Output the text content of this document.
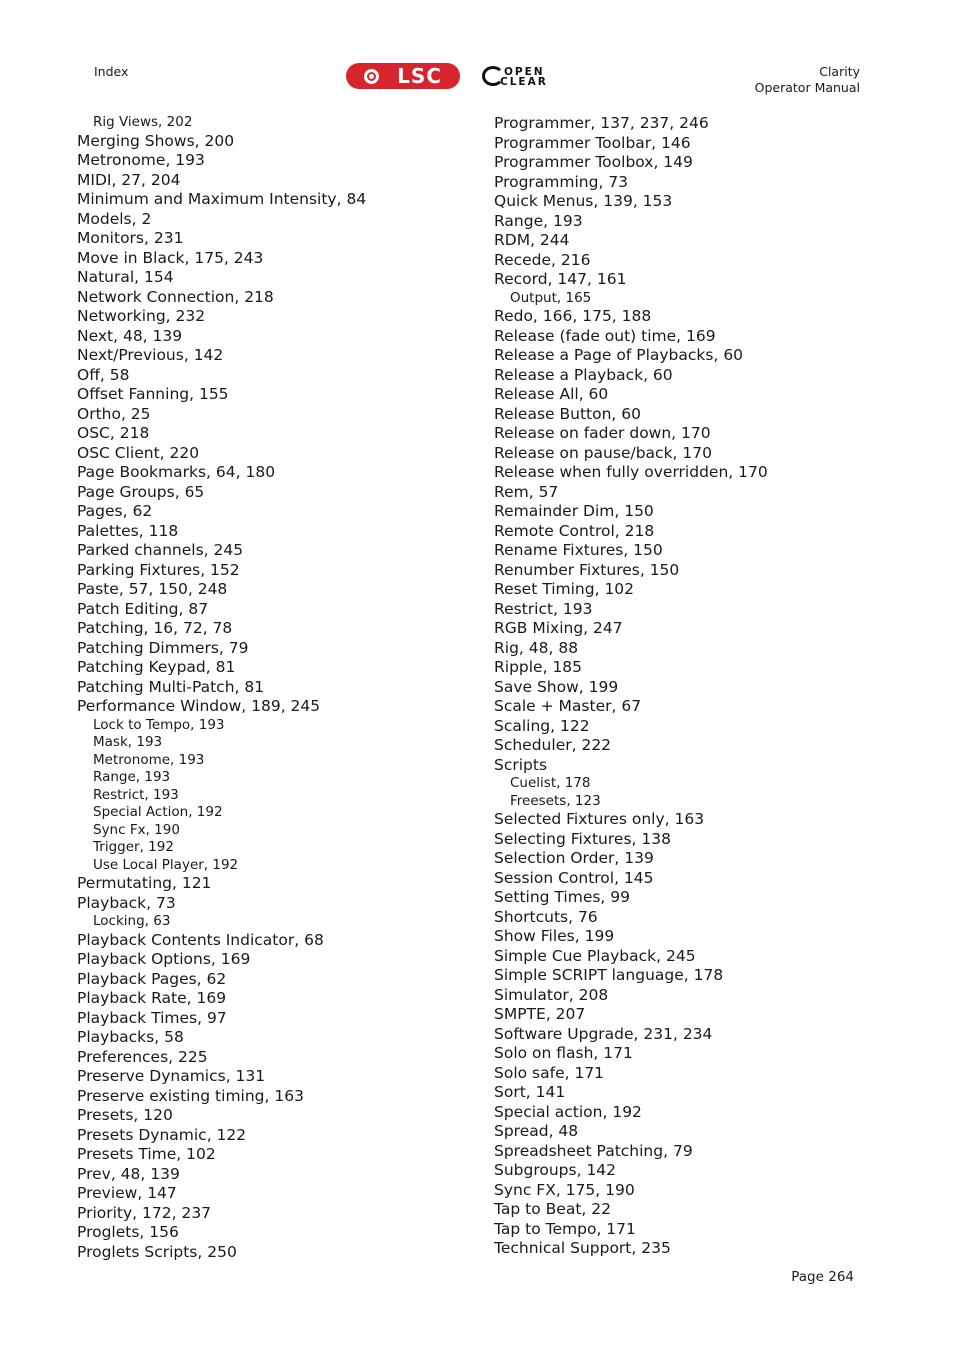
Index	LSC	OPEN
CLEAR
Clarity
Operator Manual
Rig Views, 202
Merging Shows, 200
Metronome, 193
MIDI, 27, 204
Minimum and Maximum Intensity, 84
Models, 2
Monitors, 231
Move in Black, 175, 243
Natural, 154
Network Connection, 218
Networking, 232
Next, 48, 139
Next/Previous, 142
Off, 58
Offset Fanning, 155
Ortho, 25
OSC, 218
OSC Client, 220
Page Bookmarks, 64, 180
Page Groups, 65
Pages, 62
Palettes, 118
Parked channels, 245
Parking Fixtures, 152
Paste, 57, 150, 248
Patch Editing, 87
Patching, 16, 72, 78
Patching Dimmers, 79
Patching Keypad, 81
Patching Multi-Patch, 81
Performance Window, 189, 245
Lock to Tempo, 193
Mask, 193
Metronome, 193
Range, 193
Restrict, 193
Special Action, 192
Sync Fx, 190
Trigger, 192
Use Local Player, 192
Permutating, 121
Playback, 73
Locking, 63
Playback Contents Indicator, 68
Playback Options, 169
Playback Pages, 62
Playback Rate, 169
Playback Times, 97
Playbacks, 58
Preferences, 225
Preserve Dynamics, 131
Preserve existing timing, 163
Presets, 120
Presets Dynamic, 122
Presets Time, 102
Prev, 48, 139
Preview, 147
Priority, 172, 237
Proglets, 156
Proglets Scripts, 250
Programmer, 137, 237, 246
Programmer Toolbar, 146
Programmer Toolbox, 149
Programming, 73
Quick Menus, 139, 153
Range, 193
RDM, 244
Recede, 216
Record, 147, 161
Output, 165
Redo, 166, 175, 188
Release (fade out) time, 169
Release a Page of Playbacks, 60
Release a Playback, 60
Release All, 60
Release Button, 60
Release on fader down, 170
Release on pause/back, 170
Release when fully overridden, 170
Rem, 57
Remainder Dim, 150
Remote Control, 218
Rename Fixtures, 150
Renumber Fixtures, 150
Reset Timing, 102
Restrict, 193
RGB Mixing, 247
Rig, 48, 88
Ripple, 185
Save Show, 199
Scale + Master, 67
Scaling, 122
Scheduler, 222
Scripts
Cuelist, 178
Freesets, 123
Selected Fixtures only, 163
Selecting Fixtures, 138
Selection Order, 139
Session Control, 145
Setting Times, 99
Shortcuts, 76
Show Files, 199
Simple Cue Playback, 245
Simple SCRIPT language, 178
Simulator, 208
SMPTE, 207
Software Upgrade, 231, 234
Solo on flash, 171
Solo safe, 171
Sort, 141
Special action, 192
Spread, 48
Spreadsheet Patching, 79
Subgroups, 142
Sync FX, 175, 190
Tap to Beat, 22
Tap to Tempo, 171
Technical Support, 235
Page 264
